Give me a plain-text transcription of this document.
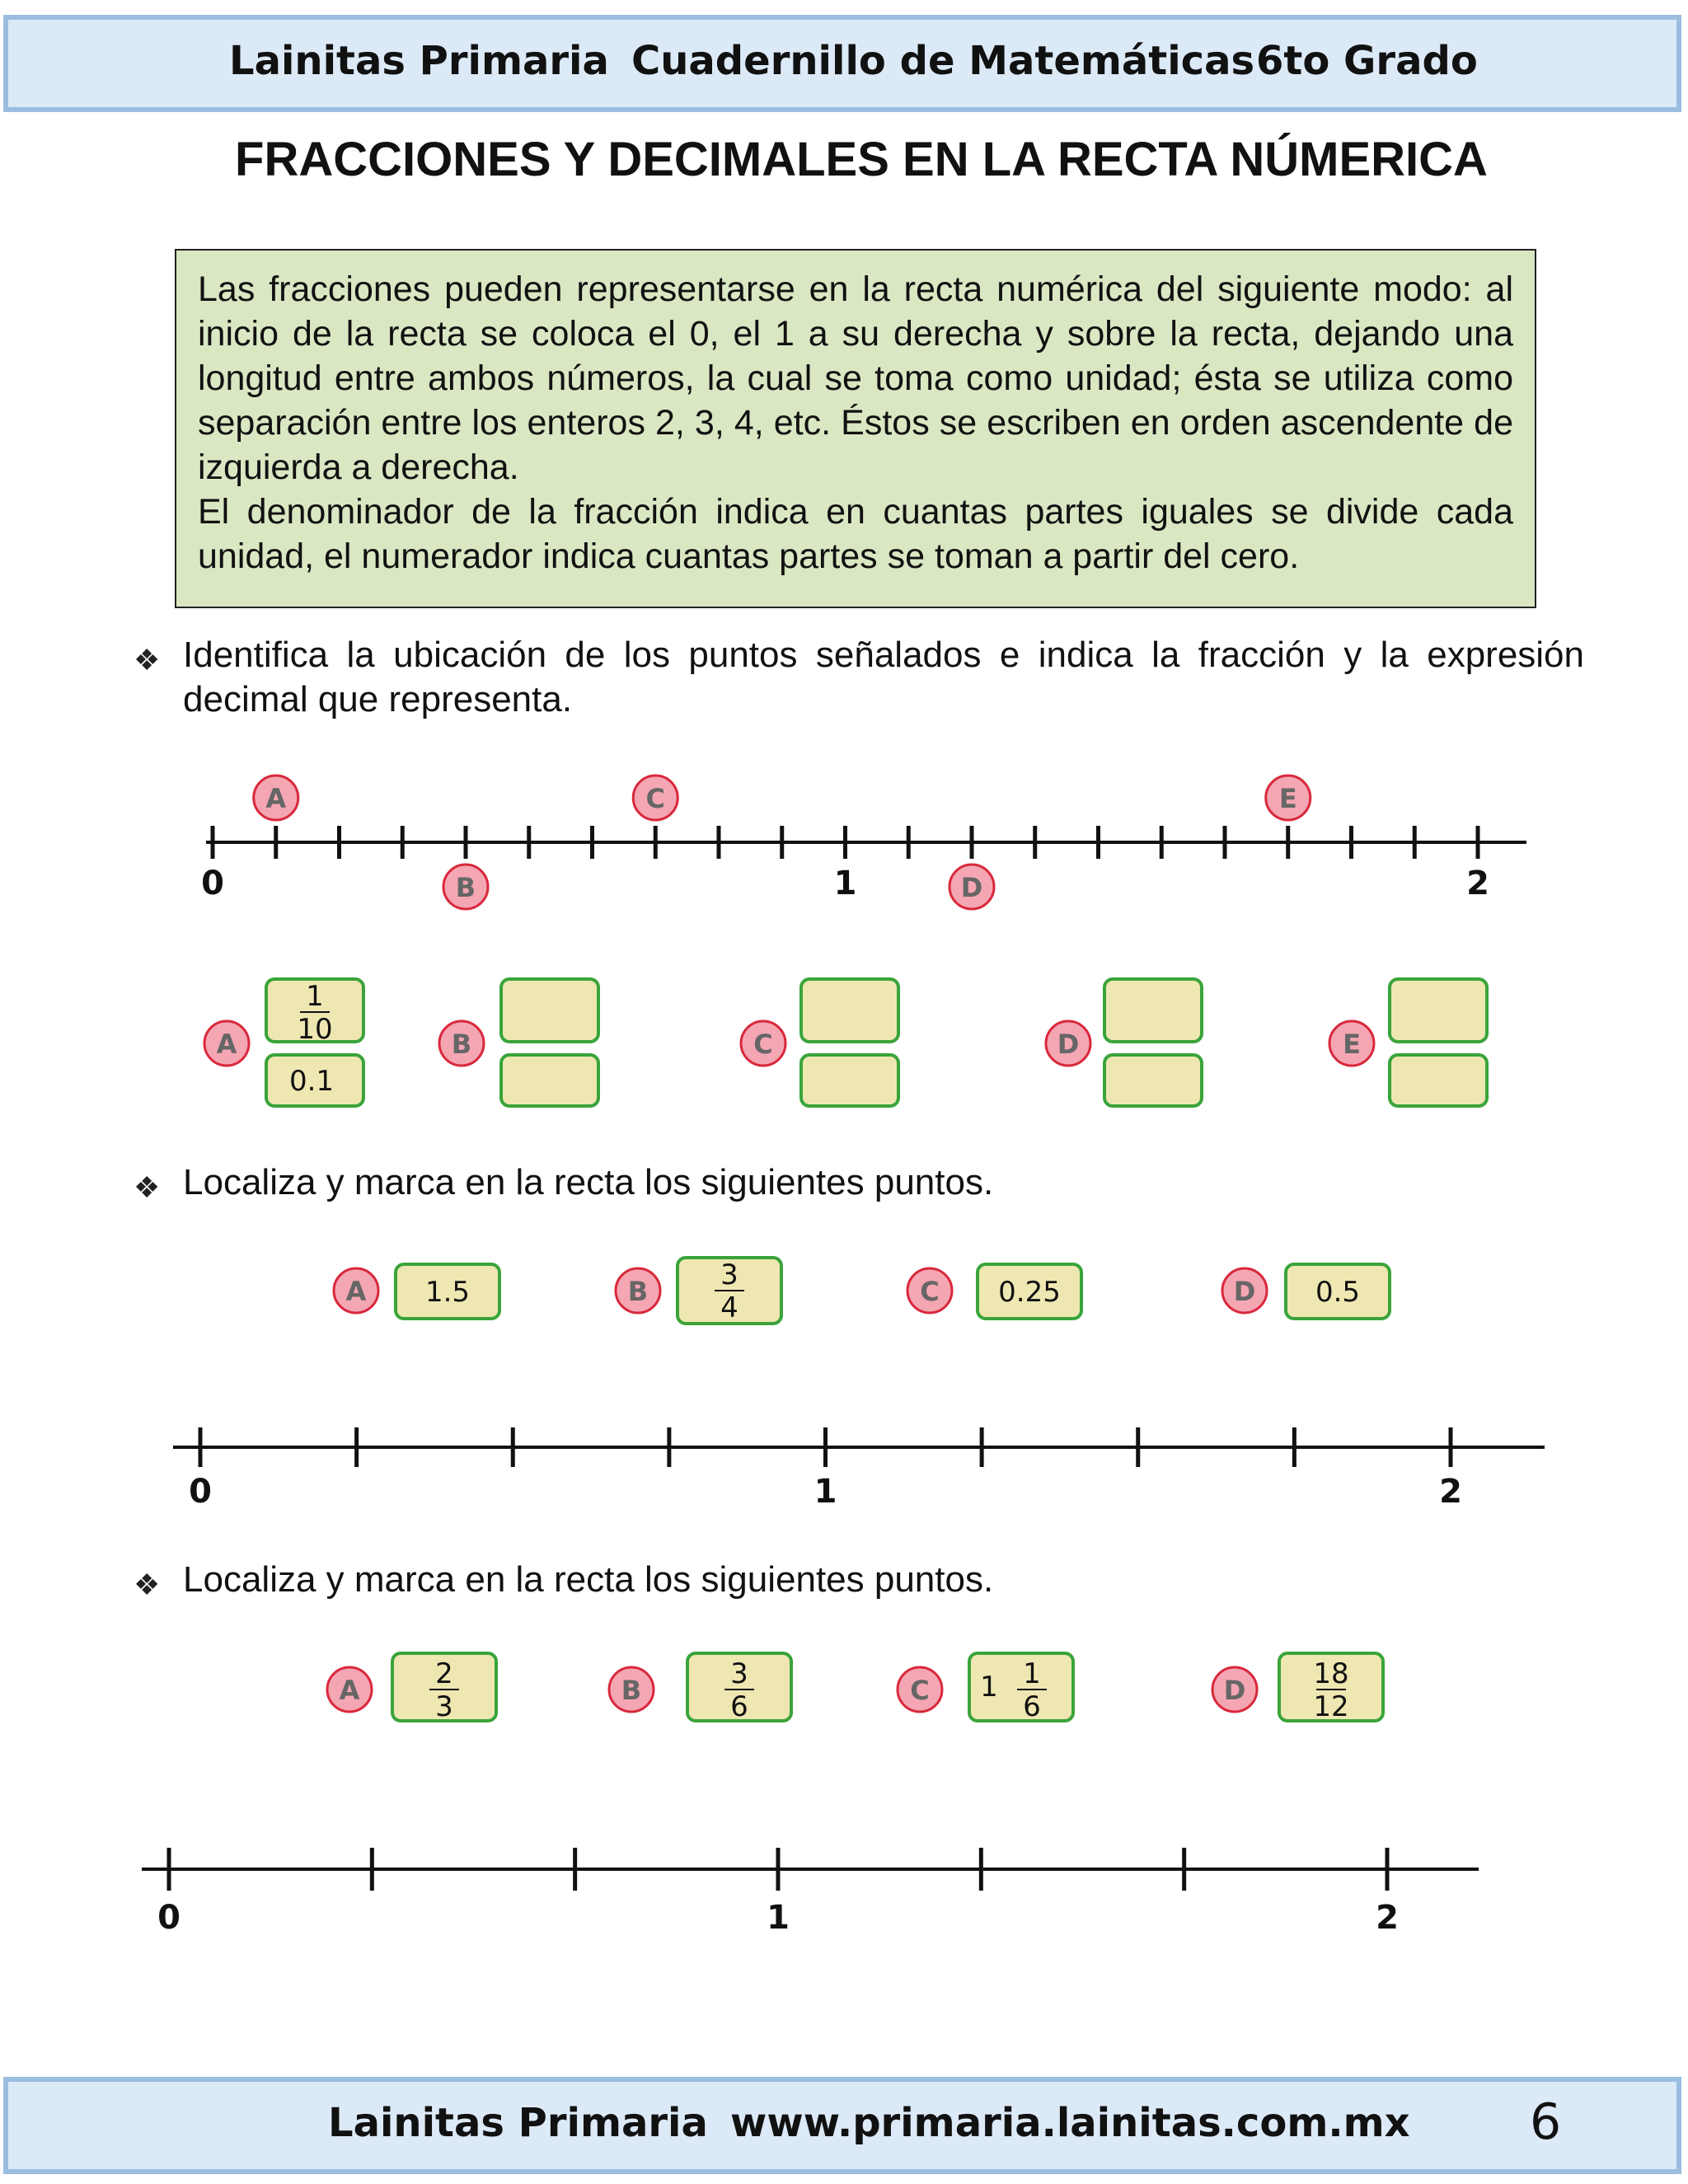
Lainitas Primaria Cuadernillo de Matemáticas 6to Grado
FRACCIONES Y DECIMALES EN LA RECTA NÚMERICA

Las fracciones pueden representarse en la recta numérica del siguiente modo: al inicio de la recta se coloca el 0, el 1 a su derecha y sobre la recta, dejando una longitud entre ambos números, la cual se toma como unidad; ésta se utiliza como separación entre los enteros 2, 3, 4, etc. Éstos se escriben en orden ascendente de izquierda a derecha.

El denominador de la fracción indica en cuantas partes iguales se divide cada unidad, el numerador indica cuantas partes se toman a partir del cero.

❖ Identifica la ubicación de los puntos señalados e indica la fracción y la expresión decimal que representa.
❖ Localiza y marca en la recta los siguientes puntos.
❖ Localiza y marca en la recta los siguientes puntos.
0	1	2
A
B
C
D
E
A
1
10
0.1
B	C	D	E
A 1.5	B	3
4	C 0.25	D 0.5
0	1	2
A	2
3	B	3
6	C 1 1
6	D 18
12
0	1	2
Lainitas Primaria www.primaria.lainitas.com.mx 6
